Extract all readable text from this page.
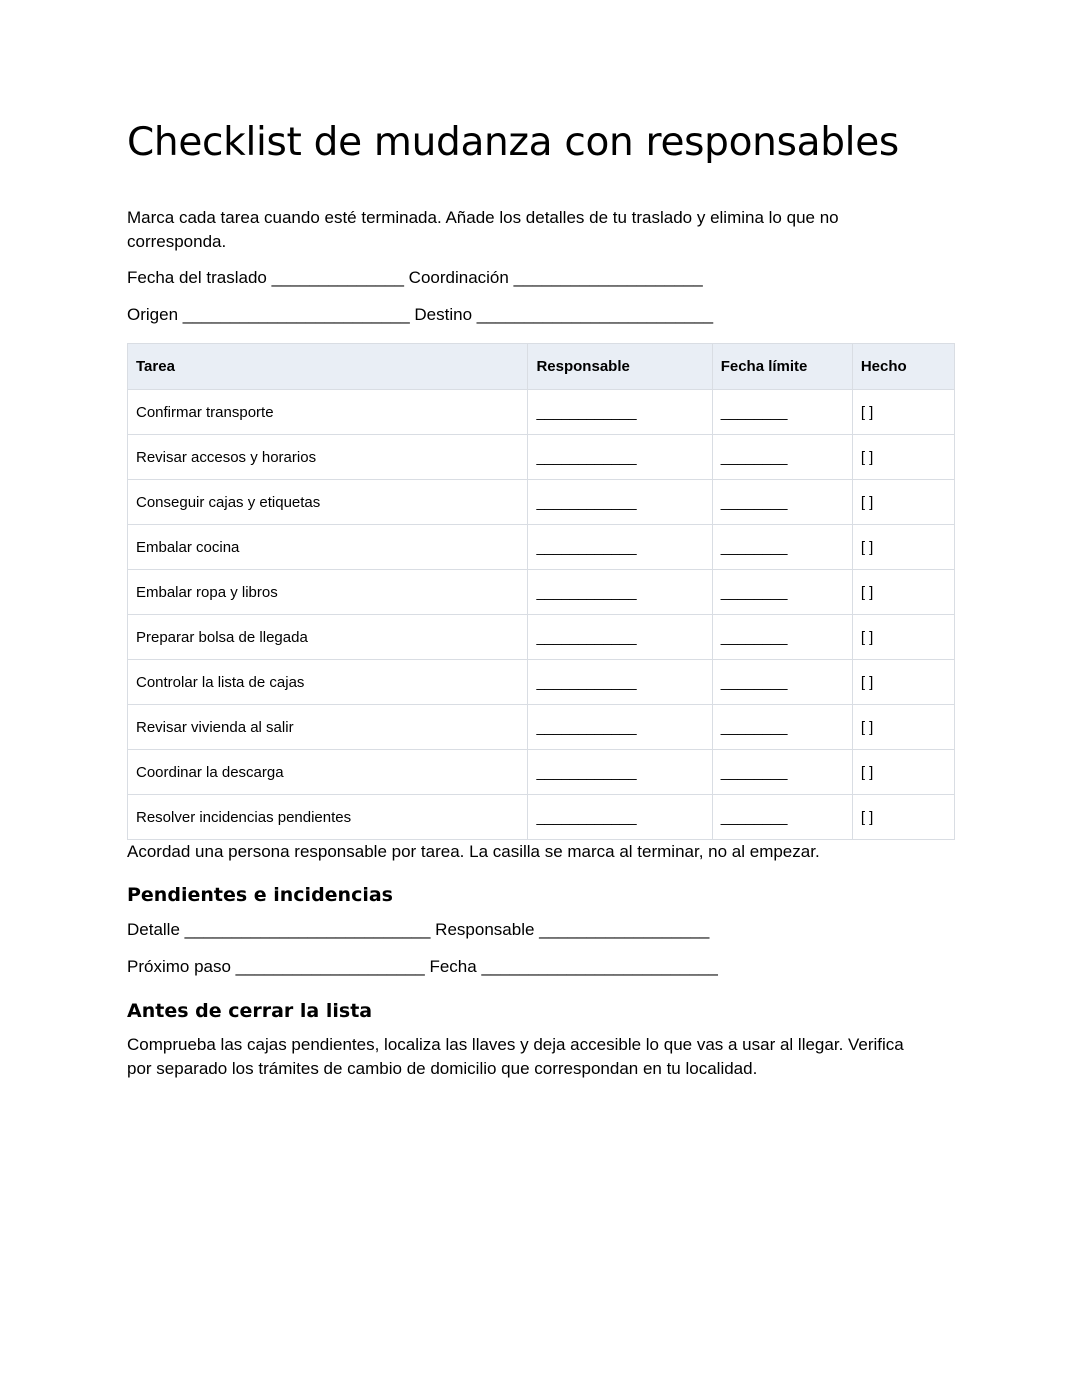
Checklist de mudanza con responsables

Marca cada tarea cuando esté terminada. Añade los detalles de tu traslado y elimina lo que no corresponda.

Fecha del traslado ______________ Coordinación ____________________

Origen ________________________ Destino _________________________

Tarea	Responsable	Fecha límite	Hecho
Confirmar transporte	____________	________	[ ]
Revisar accesos y horarios	____________	________	[ ]
Conseguir cajas y etiquetas	____________	________	[ ]
Embalar cocina	____________	________	[ ]
Embalar ropa y libros	____________	________	[ ]
Preparar bolsa de llegada	____________	________	[ ]
Controlar la lista de cajas	____________	________	[ ]
Revisar vivienda al salir	____________	________	[ ]
Coordinar la descarga	____________	________	[ ]
Resolver incidencias pendientes	____________	________	[ ]

Acordad una persona responsable por tarea. La casilla se marca al terminar, no al empezar.

Pendientes e incidencias

Detalle __________________________ Responsable __________________

Próximo paso ____________________ Fecha _________________________

Antes de cerrar la lista

Comprueba las cajas pendientes, localiza las llaves y deja accesible lo que vas a usar al llegar. Verifica

por separado los trámites de cambio de domicilio que correspondan en tu localidad.
